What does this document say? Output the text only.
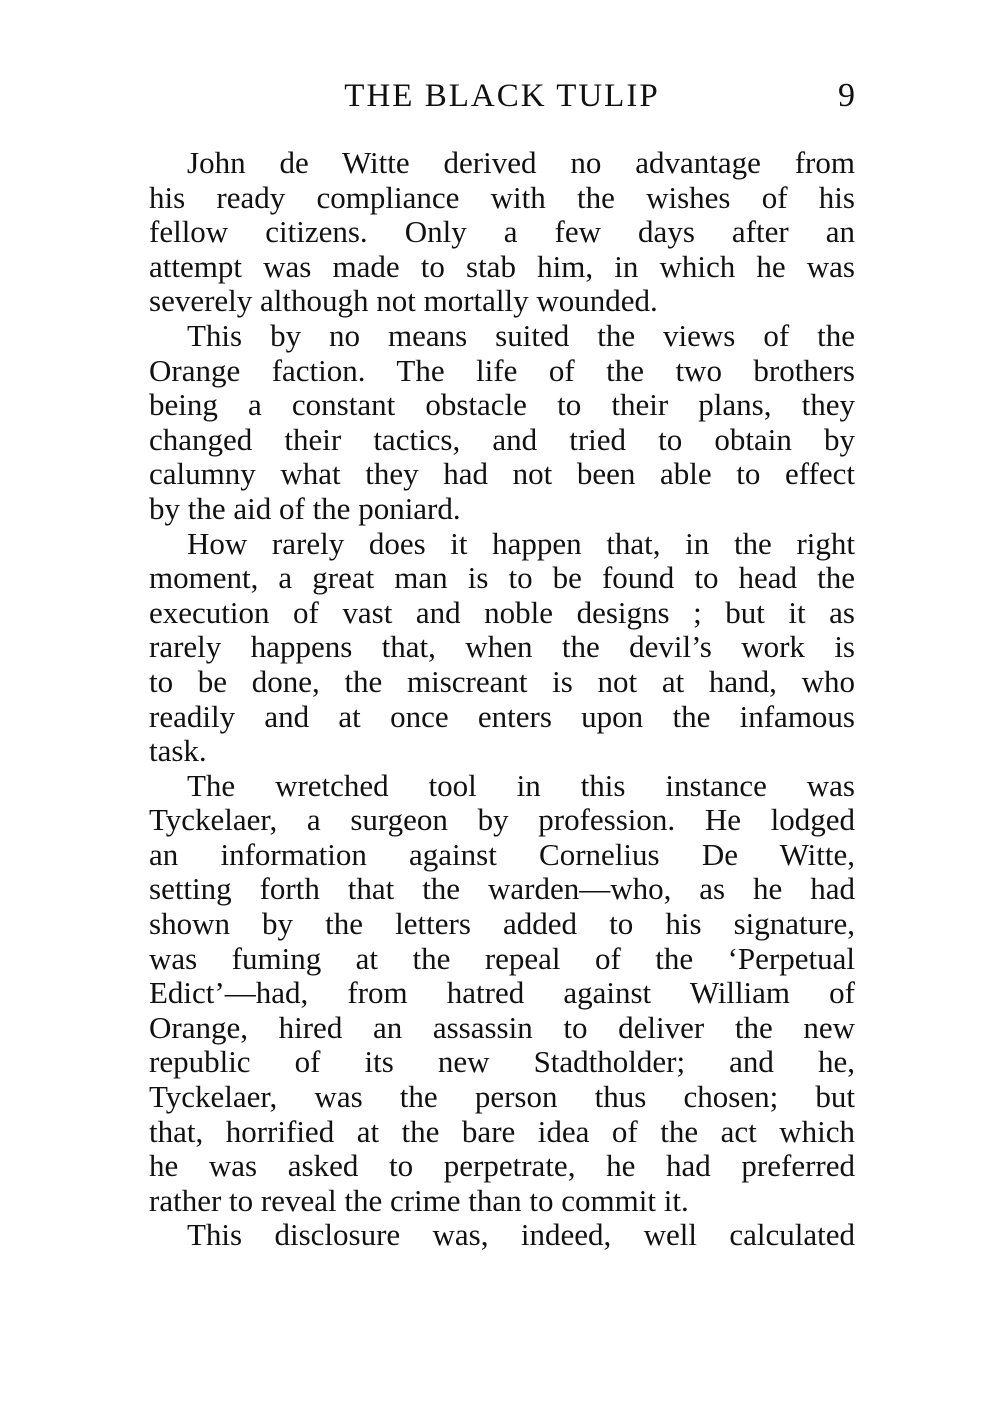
THE BLACK TULIP	9
John de Witte derived no advantage from
his ready compliance with the wishes of his
fellow citizens. Only a few days after an
attempt was made to stab him, in which he was
severely although not mortally wounded.
This by no means suited the views of the
Orange faction. The life of the two brothers
being a constant obstacle to their plans, they
changed their tactics, and tried to obtain by
calumny what they had not been able to effect
by the aid of the poniard.
How rarely does it happen that, in the right
moment, a great man is to be found to head the
execution of vast and noble designs ; but it as
rarely happens that, when the devil’s work is
to be done, the miscreant is not at hand, who
readily and at once enters upon the infamous
task.
The wretched tool in this instance was
Tyckelaer, a surgeon by profession. He lodged
an information against Cornelius De Witte,
setting forth that the warden—who, as he had
shown by the letters added to his signature,
was fuming at the repeal of the ‘Perpetual
Edict’—had, from hatred against William of
Orange, hired an assassin to deliver the new
republic of its new Stadtholder; and he,
Tyckelaer, was the person thus chosen; but
that, horrified at the bare idea of the act which
he was asked to perpetrate, he had preferred
rather to reveal the crime than to commit it.
This disclosure was, indeed, well calculated
